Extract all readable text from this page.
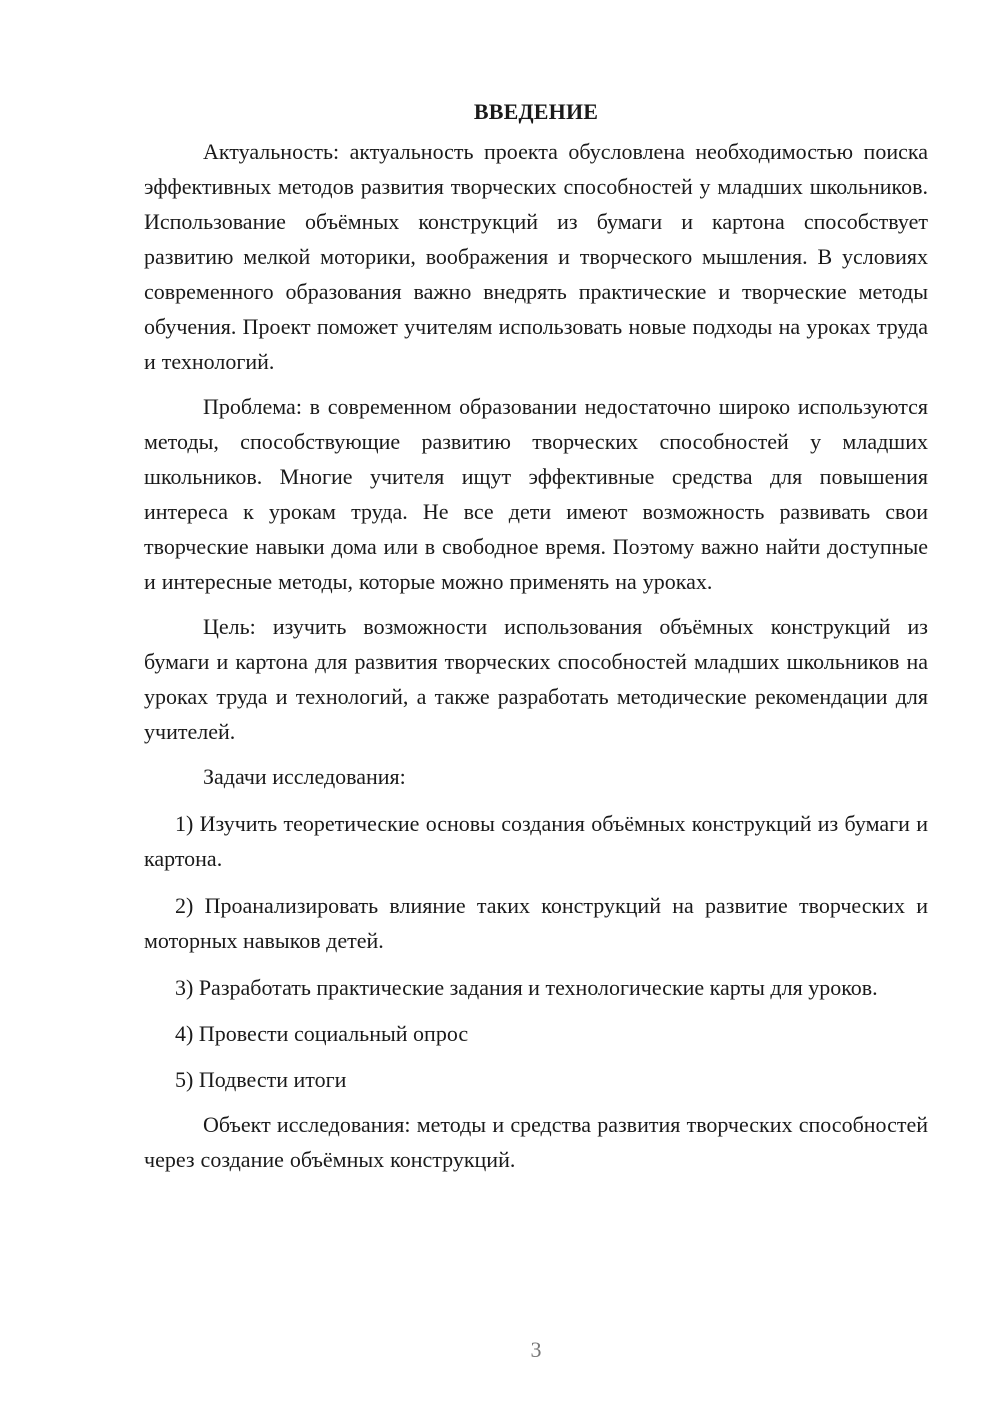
ВВЕДЕНИЕ

Актуальность: актуальность проекта обусловлена необходимостью поиска эффективных методов развития творческих способностей у младших школьников. Использование объёмных конструкций из бумаги и картона способствует развитию мелкой моторики, воображения и творческого мышления. В условиях современного образования важно внедрять практические и творческие методы обучения. Проект поможет учителям использовать новые подходы на уроках труда и технологий.

Проблема: в современном образовании недостаточно широко используются методы, способствующие развитию творческих способностей у младших школьников. Многие учителя ищут эффективные средства для повышения интереса к урокам труда. Не все дети имеют возможность развивать свои творческие навыки дома или в свободное время. Поэтому важно найти доступные и интересные методы, которые можно применять на уроках.

Цель: изучить возможности использования объёмных конструкций из бумаги и картона для развития творческих способностей младших школьников на уроках труда и технологий, а также разработать методические рекомендации для учителей.

Задачи исследования:

1) Изучить теоретические основы создания объёмных конструкций из бумаги и картона.

2) Проанализировать влияние таких конструкций на развитие творческих и моторных навыков детей.

3) Разработать практические задания и технологические карты для уроков.

4) Провести социальный опрос

5) Подвести итоги

Объект исследования: методы и средства развития творческих способностей через создание объёмных конструкций.

3
